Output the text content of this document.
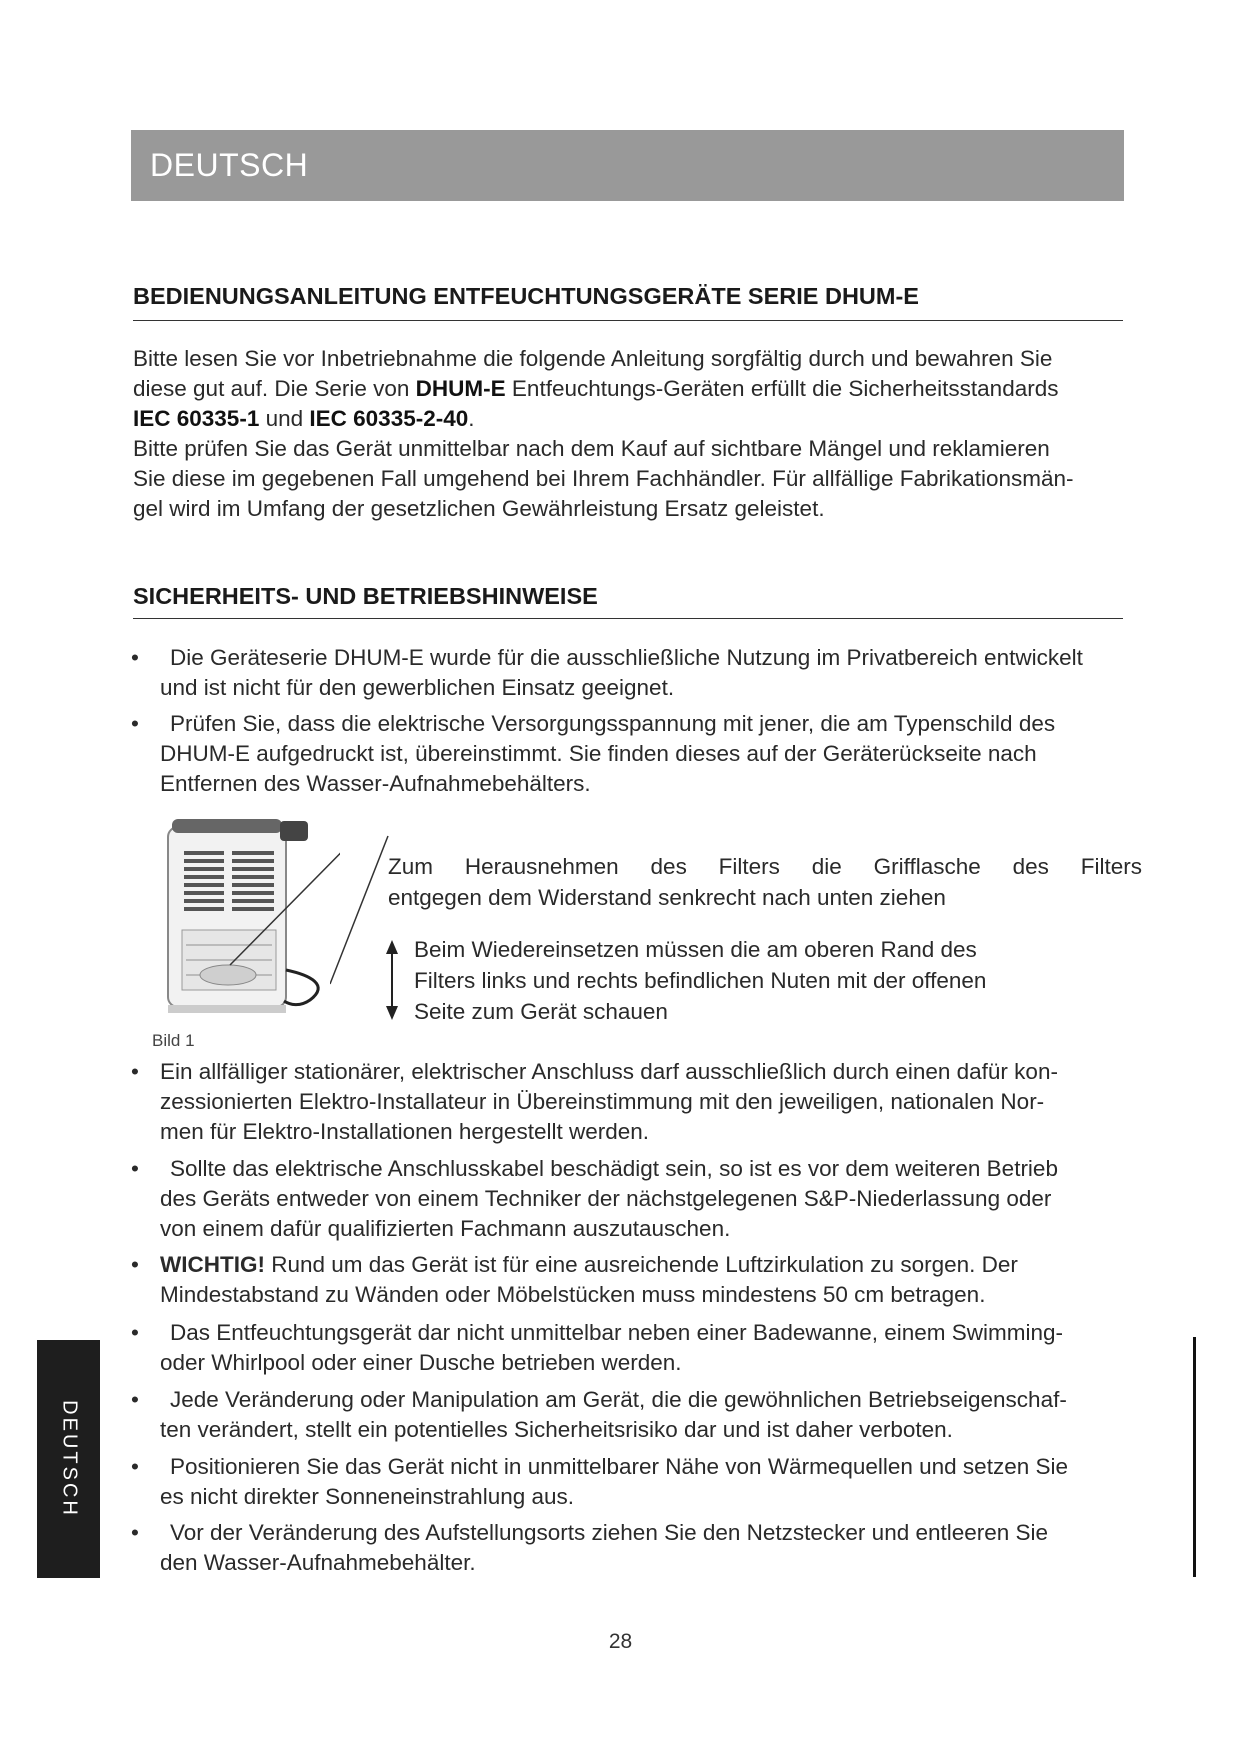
DEUTSCH
BEDIENUNGSANLEITUNG ENTFEUCHTUNGSGERÄTE SERIE DHUM-E
Bitte lesen Sie vor Inbetriebnahme die folgende Anleitung sorgfältig durch und bewahren Sie
diese gut auf. Die Serie von DHUM-E Entfeuchtungs-Geräten erfüllt die Sicherheitsstandards
IEC 60335-1 und IEC 60335-2-40.
Bitte prüfen Sie das Gerät unmittelbar nach dem Kauf auf sichtbare Mängel und reklamieren
Sie diese im gegebenen Fall umgehend bei Ihrem Fachhändler. Für allfällige Fabrikationsmän-
gel wird im Umfang der gesetzlichen Gewährleistung Ersatz geleistet.
SICHERHEITS- UND BETRIEBSHINWEISE
•	Die Geräteserie DHUM-E wurde für die ausschließliche Nutzung im Privatbereich entwickelt
und ist nicht für den gewerblichen Einsatz geeignet.
•	Prüfen Sie, dass die elektrische Versorgungsspannung mit jener, die am Typenschild des
DHUM-E aufgedruckt ist, übereinstimmt. Sie finden dieses auf der Geräterückseite nach
Entfernen des Wasser-Aufnahmebehälters.
Bild 1
Zum Herausnehmen des Filters die Grifflasche des Filters
entgegen dem Widerstand senkrecht nach unten ziehen
Beim Wiedereinsetzen müssen die am oberen Rand des
Filters links und rechts befindlichen Nuten mit der offenen
Seite zum Gerät schauen
• Ein allfälliger stationärer, elektrischer Anschluss darf ausschließlich durch einen dafür kon-
zessionierten Elektro-Installateur in Übereinstimmung mit den jeweiligen, nationalen Nor-
men für Elektro-Installationen hergestellt werden.
•	Sollte das elektrische Anschlusskabel beschädigt sein, so ist es vor dem weiteren Betrieb
des Geräts entweder von einem Techniker der nächstgelegenen S&P-Niederlassung oder
von einem dafür qualifizierten Fachmann auszutauschen.
• WICHTIG! Rund um das Gerät ist für eine ausreichende Luftzirkulation zu sorgen. Der
Mindestabstand zu Wänden oder Möbelstücken muss mindestens 50 cm betragen.
•	Das Entfeuchtungsgerät dar nicht unmittelbar neben einer Badewanne, einem Swimming-
oder Whirlpool oder einer Dusche betrieben werden.
•	Jede Veränderung oder Manipulation am Gerät, die die gewöhnlichen Betriebseigenschaf-
ten verändert, stellt ein potentielles Sicherheitsrisiko dar und ist daher verboten.
•	Positionieren Sie das Gerät nicht in unmittelbarer Nähe von Wärmequellen und setzen Sie
es nicht direkter Sonneneinstrahlung aus.
•	Vor der Veränderung des Aufstellungsorts ziehen Sie den Netzstecker und entleeren Sie
den Wasser-Aufnahmebehälter.
DEUTSCH
28
